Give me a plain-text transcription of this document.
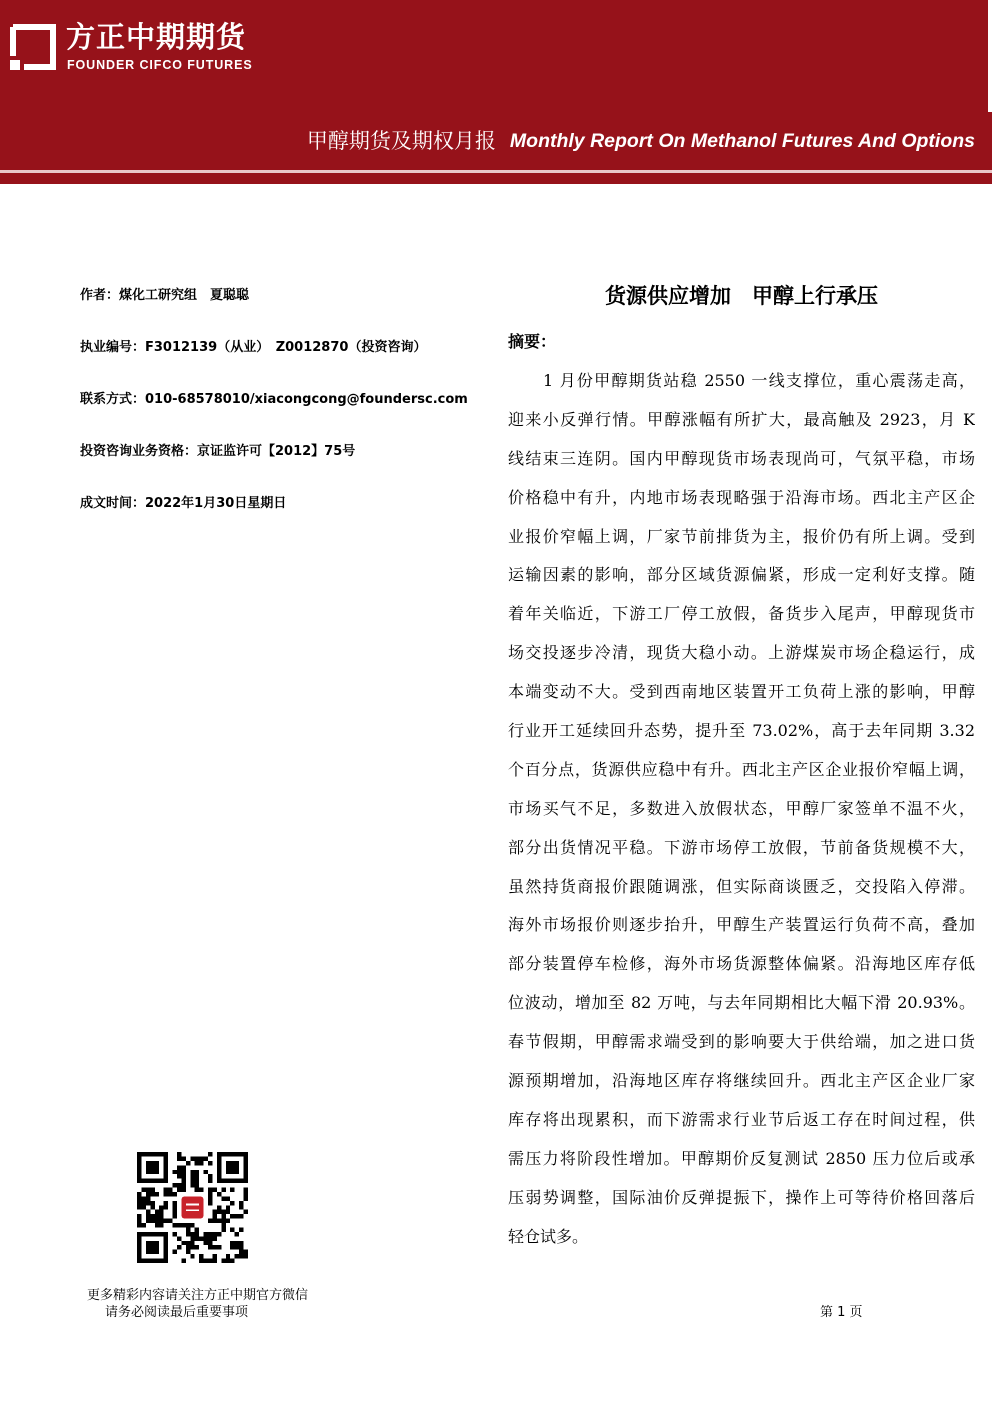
方正中期期货
FOUNDER CIFCO FUTURES
甲醇期货及期权月报 Monthly Report On Methanol Futures And Options
作者：煤化工研究组　夏聪聪
执业编号：F3012139（从业）　Z0012870（投资咨询）
联系方式：010-68578010/xiacongcong@foundersc.com
投资咨询业务资格：京证监许可【2012】75号
成文时间：2022年1月30日星期日
货源供应增加　甲醇上行承压
摘要：
1 月份甲醇期货站稳 2550 一线支撑位，重心震荡走高，
迎来小反弹行情。甲醇涨幅有所扩大，最高触及 2923，月 K
线结束三连阴。国内甲醇现货市场表现尚可，气氛平稳，市场
价格稳中有升，内地市场表现略强于沿海市场。西北主产区企
业报价窄幅上调，厂家节前排货为主，报价仍有所上调。受到
运输因素的影响，部分区域货源偏紧，形成一定利好支撑。随
着年关临近，下游工厂停工放假，备货步入尾声，甲醇现货市
场交投逐步冷清，现货大稳小动。上游煤炭市场企稳运行，成
本端变动不大。受到西南地区装置开工负荷上涨的影响，甲醇
行业开工延续回升态势，提升至 73.02%，高于去年同期 3.32
个百分点，货源供应稳中有升。西北主产区企业报价窄幅上调，
市场买气不足，多数进入放假状态，甲醇厂家签单不温不火，
部分出货情况平稳。下游市场停工放假，节前备货规模不大，
虽然持货商报价跟随调涨，但实际商谈匮乏，交投陷入停滞。
海外市场报价则逐步抬升，甲醇生产装置运行负荷不高，叠加
部分装置停车检修，海外市场货源整体偏紧。沿海地区库存低
位波动，增加至 82 万吨，与去年同期相比大幅下滑 20.93%。
春节假期，甲醇需求端受到的影响要大于供给端，加之进口货
源预期增加，沿海地区库存将继续回升。西北主产区企业厂家
库存将出现累积，而下游需求行业节后返工存在时间过程，供
需压力将阶段性增加。甲醇期价反复测试 2850 压力位后或承
压弱势调整，国际油价反弹提振下，操作上可等待价格回落后
轻仓试多。
更多精彩内容请关注方正中期官方微信
请务必阅读最后重要事项	第 1 页
